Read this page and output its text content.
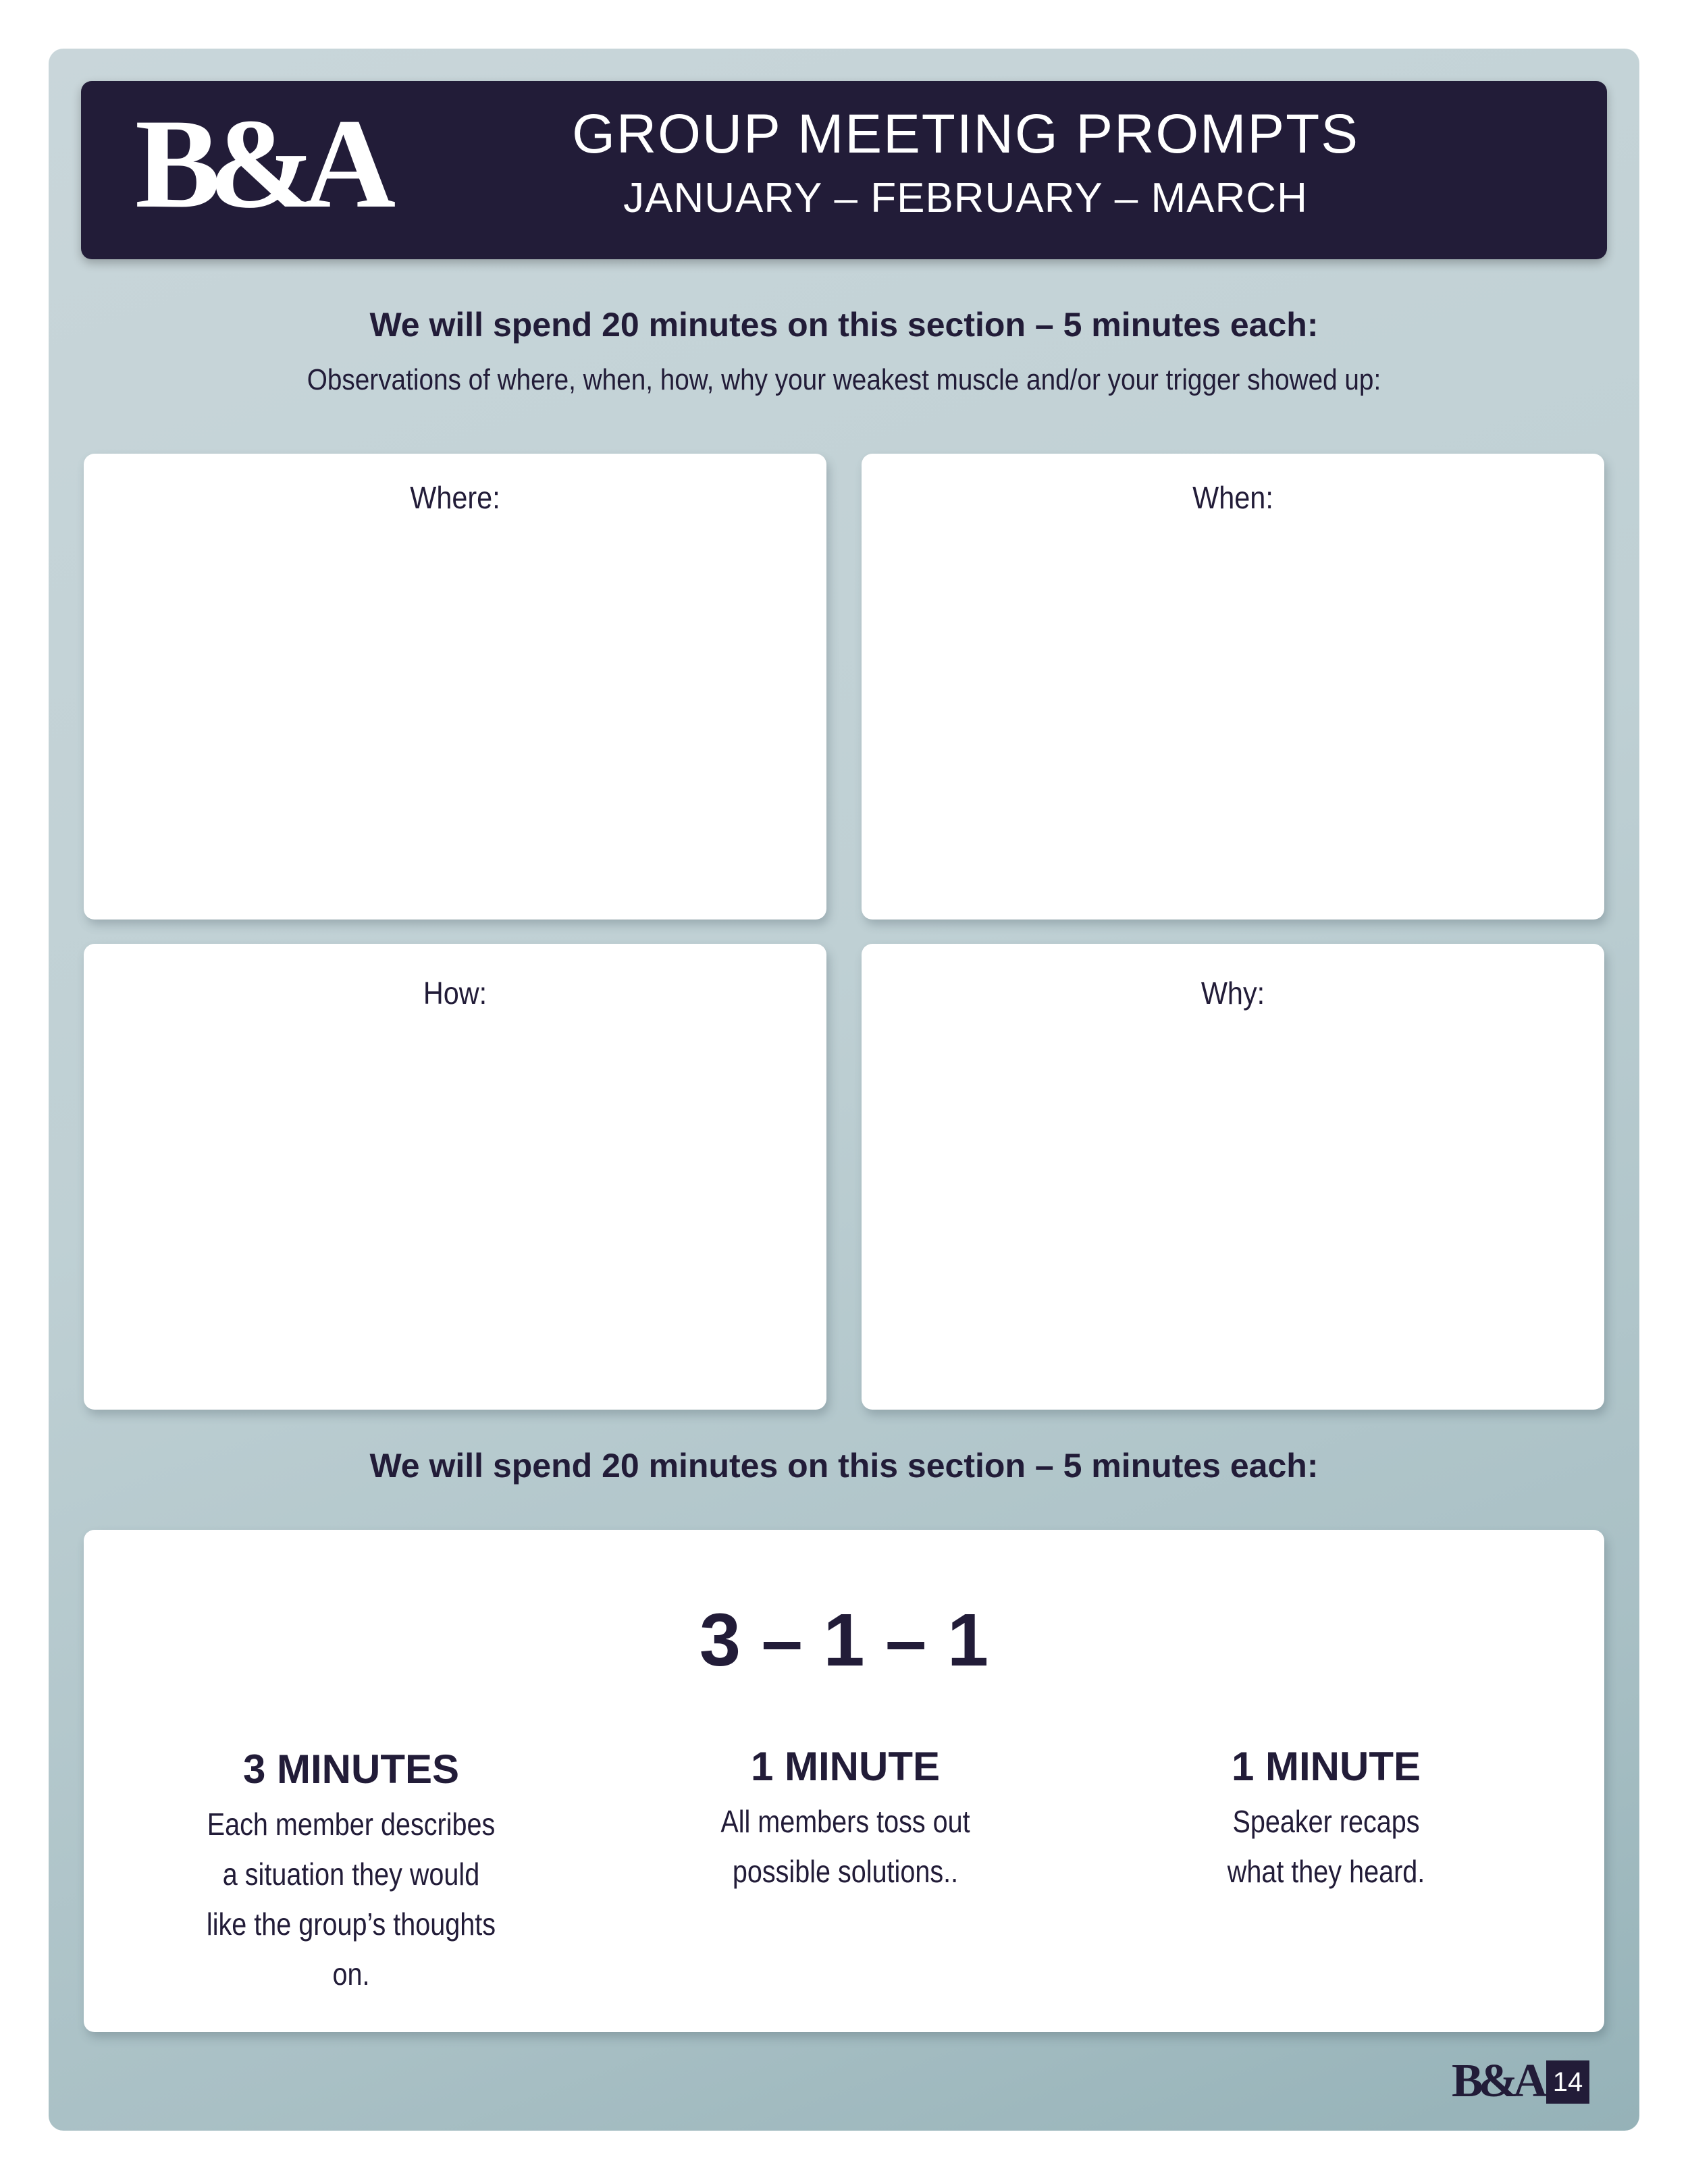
B&A	GROUP MEETING PROMPTS
JANUARY – FEBRUARY – MARCH
We will spend 20 minutes on this section – 5 minutes each:
Observations of where, when, how, why your weakest muscle and/or your trigger showed up:
Where:	When:
How:	Why:
We will spend 20 minutes on this section – 5 minutes each:
3 – 1 – 1
3 MINUTES
Each member describes a situation they would like the group’s thoughts on.
1 MINUTE
All members toss out possible solutions..
1 MINUTE
Speaker recaps what they heard.
B&A 14
